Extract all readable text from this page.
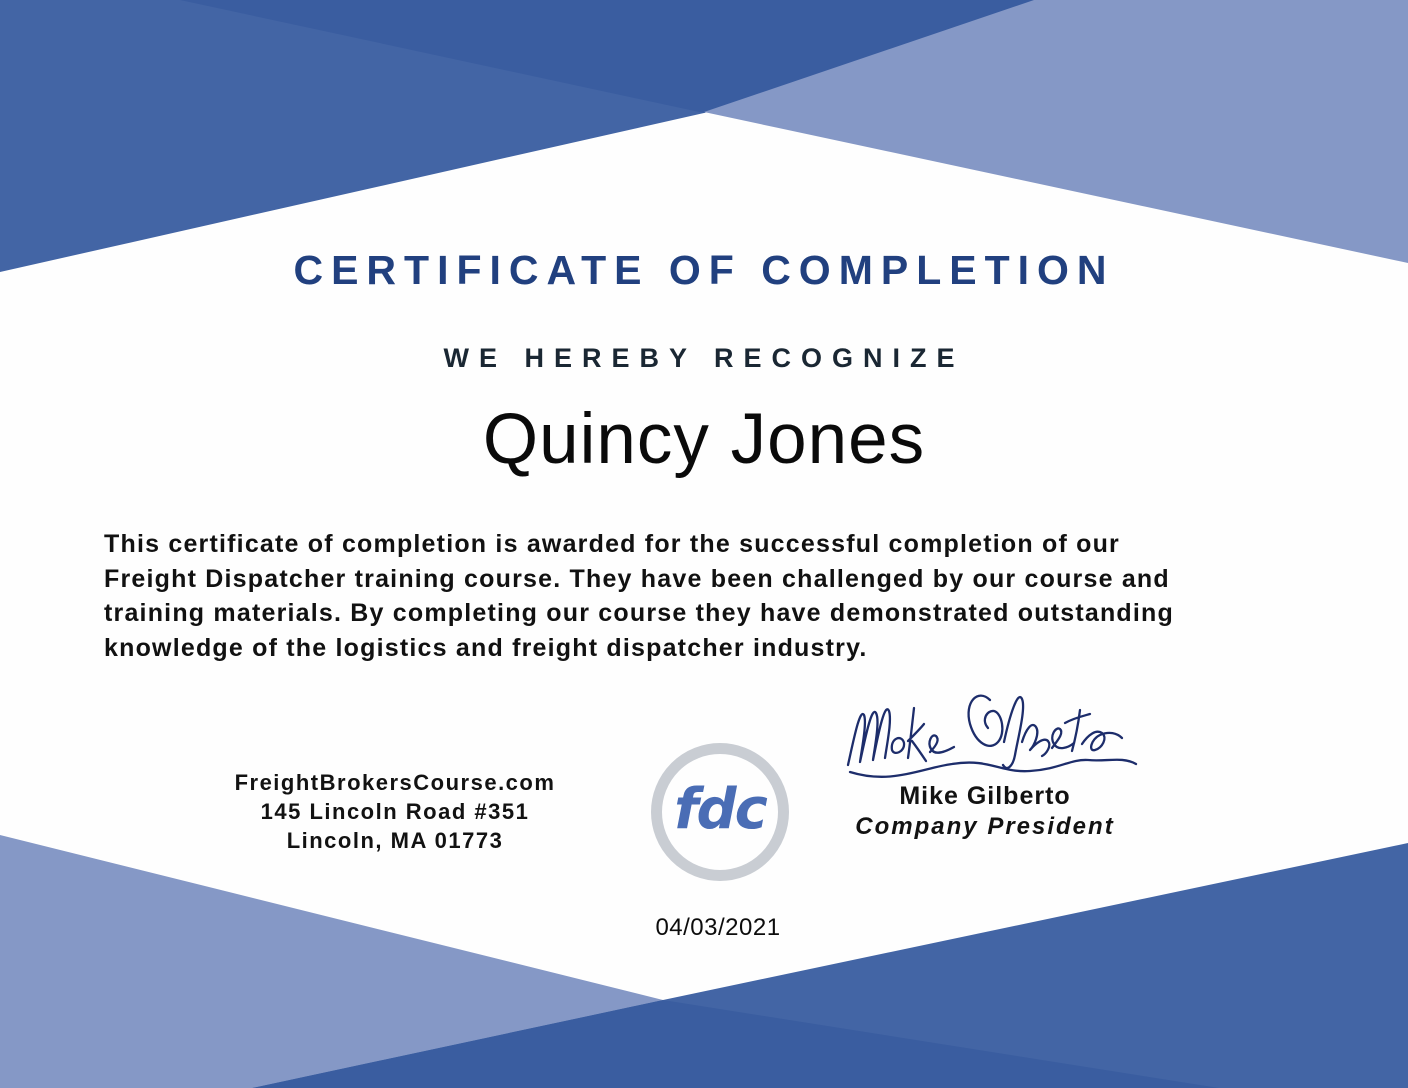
CERTIFICATE OF COMPLETION
WE HEREBY RECOGNIZE
Quincy Jones
This certificate of completion is awarded for the successful completion of our
Freight Dispatcher training course. They have been challenged by our course and
training materials. By completing our course they have demonstrated outstanding
knowledge of the logistics and freight dispatcher industry.
FreightBrokersCourse.com
145 Lincoln Road #351
Lincoln, MA 01773	fdc	Mike Gilberto
Company President
04/03/2021
